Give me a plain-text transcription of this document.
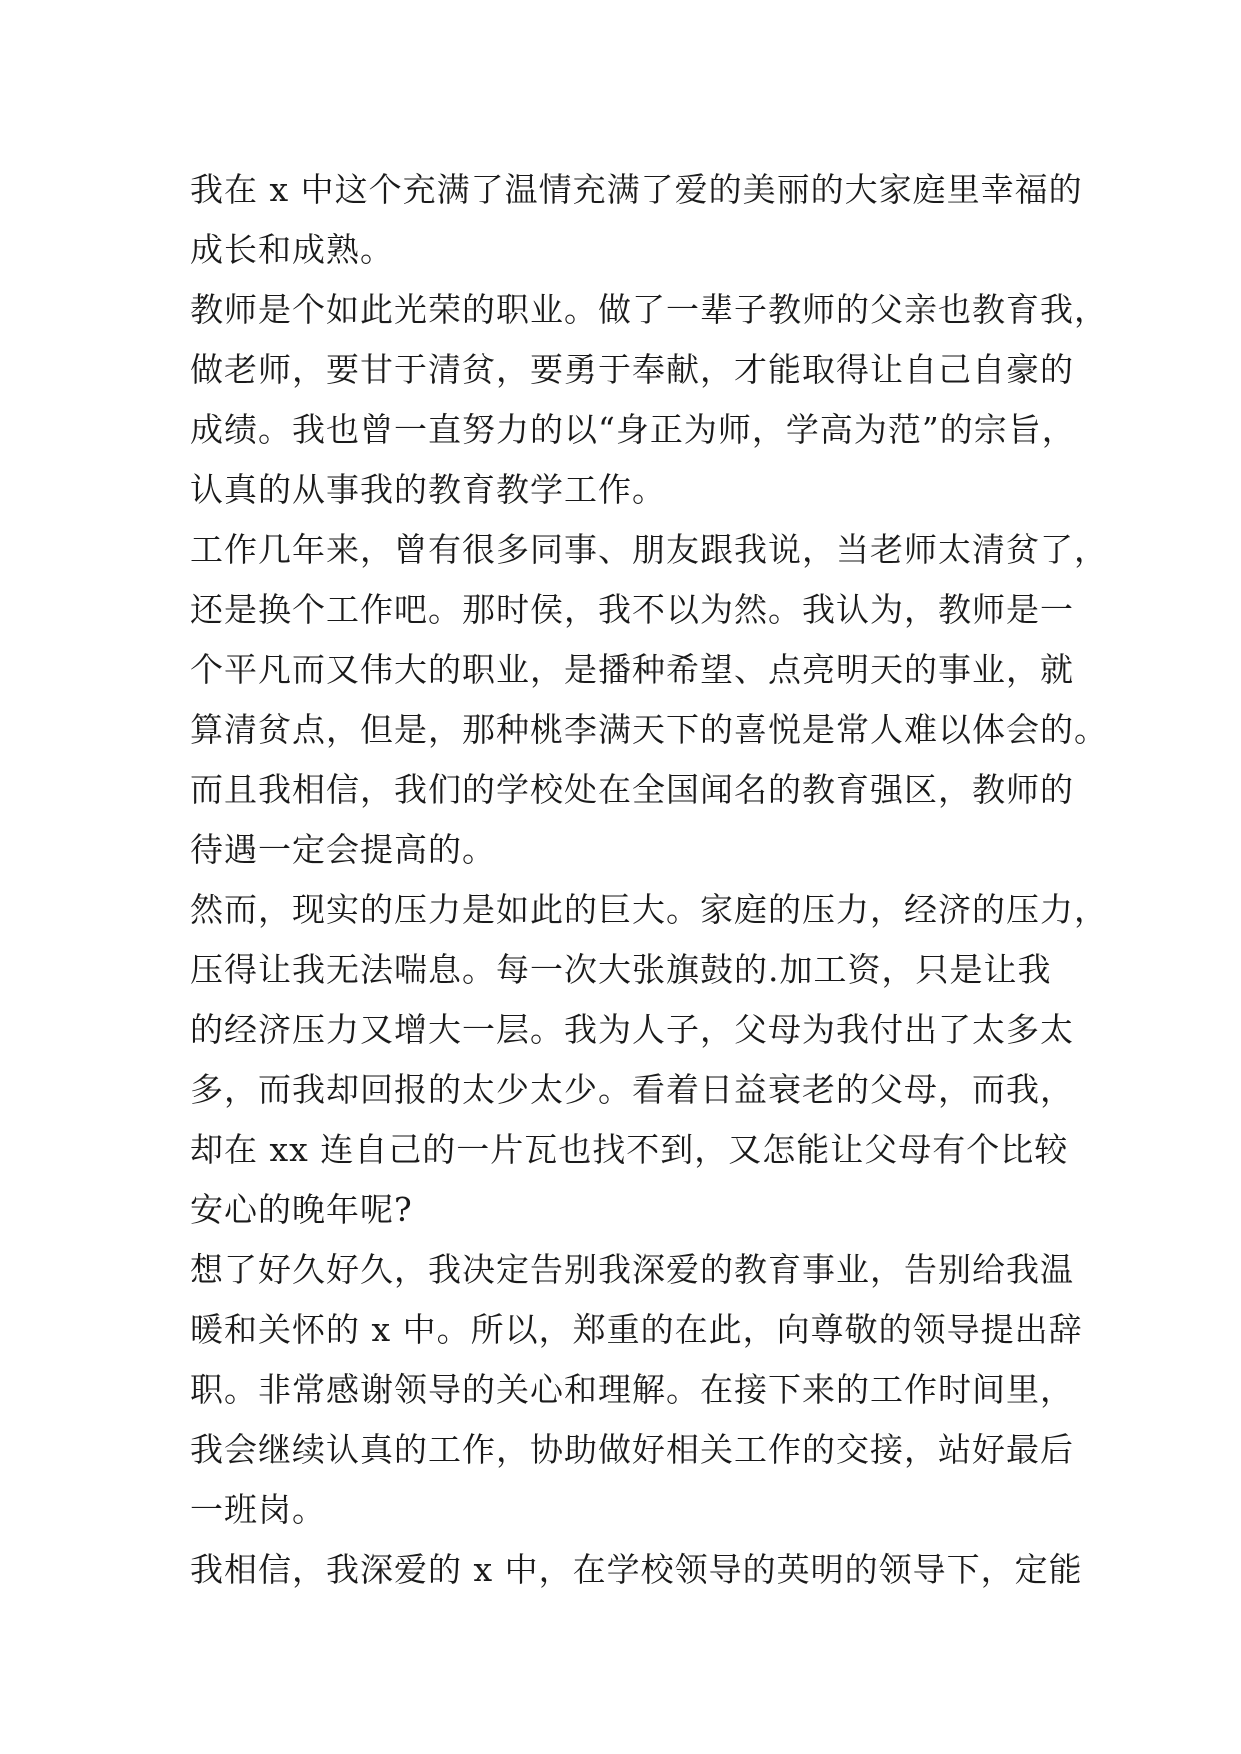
我在 x 中这个充满了温情充满了爱的美丽的大家庭里幸福的
成长和成熟。
教师是个如此光荣的职业。做了一辈子教师的父亲也教育我，
做老师，要甘于清贫，要勇于奉献，才能取得让自己自豪的
成绩。我也曾一直努力的以“身正为师，学高为范”的宗旨，
认真的从事我的教育教学工作。
工作几年来，曾有很多同事、朋友跟我说，当老师太清贫了，
还是换个工作吧。那时侯，我不以为然。我认为，教师是一
个平凡而又伟大的职业，是播种希望、点亮明天的事业，就
算清贫点，但是，那种桃李满天下的喜悦是常人难以体会的。
而且我相信，我们的学校处在全国闻名的教育强区，教师的
待遇一定会提高的。
然而，现实的压力是如此的巨大。家庭的压力，经济的压力，
压得让我无法喘息。每一次大张旗鼓的.加工资，只是让我
的经济压力又增大一层。我为人子，父母为我付出了太多太
多，而我却回报的太少太少。看着日益衰老的父母，而我，
却在 xx 连自己的一片瓦也找不到，又怎能让父母有个比较
安心的晚年呢?
想了好久好久，我决定告别我深爱的教育事业，告别给我温
暖和关怀的 x 中。所以，郑重的在此，向尊敬的领导提出辞
职。非常感谢领导的关心和理解。在接下来的工作时间里，
我会继续认真的工作，协助做好相关工作的交接，站好最后
一班岗。
我相信，我深爱的 x 中，在学校领导的英明的领导下，定能
